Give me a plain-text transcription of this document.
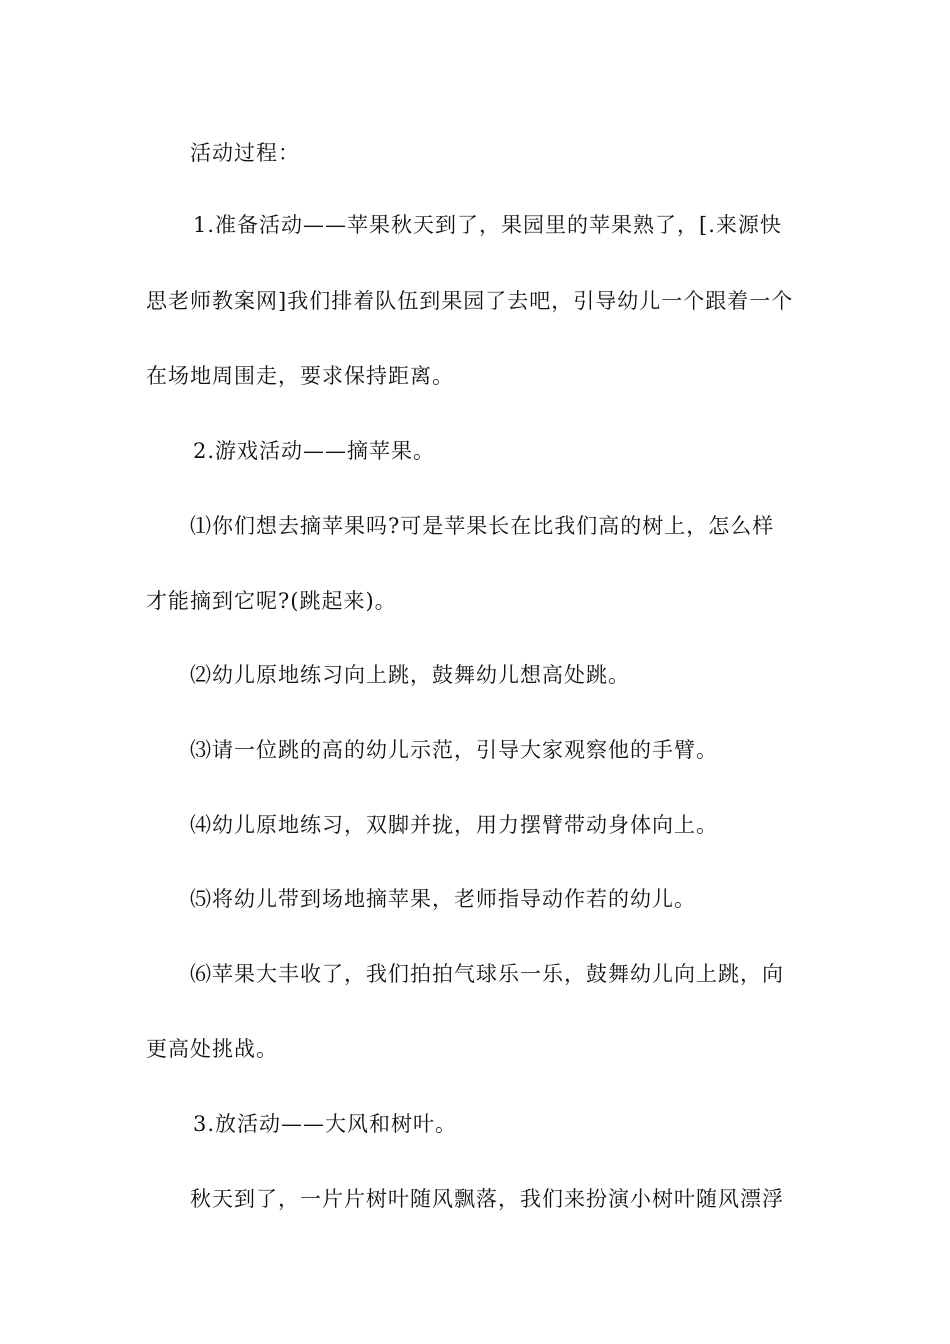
活动过程：
1.准备活动——苹果秋天到了，果园里的苹果熟了，[.来源快
思老师教案网]我们排着队伍到果园了去吧，引导幼儿一个跟着一个
在场地周围走，要求保持距离。
2.游戏活动——摘苹果。
⑴你们想去摘苹果吗?可是苹果长在比我们高的树上，怎么样
才能摘到它呢?(跳起来)。
⑵幼儿原地练习向上跳，鼓舞幼儿想高处跳。
⑶请一位跳的高的幼儿示范，引导大家观察他的手臂。
⑷幼儿原地练习，双脚并拢，用力摆臂带动身体向上。
⑸将幼儿带到场地摘苹果，老师指导动作若的幼儿。
⑹苹果大丰收了，我们拍拍气球乐一乐，鼓舞幼儿向上跳，向
更高处挑战。
3.放活动——大风和树叶。
秋天到了，一片片树叶随风飘落，我们来扮演小树叶随风漂浮
